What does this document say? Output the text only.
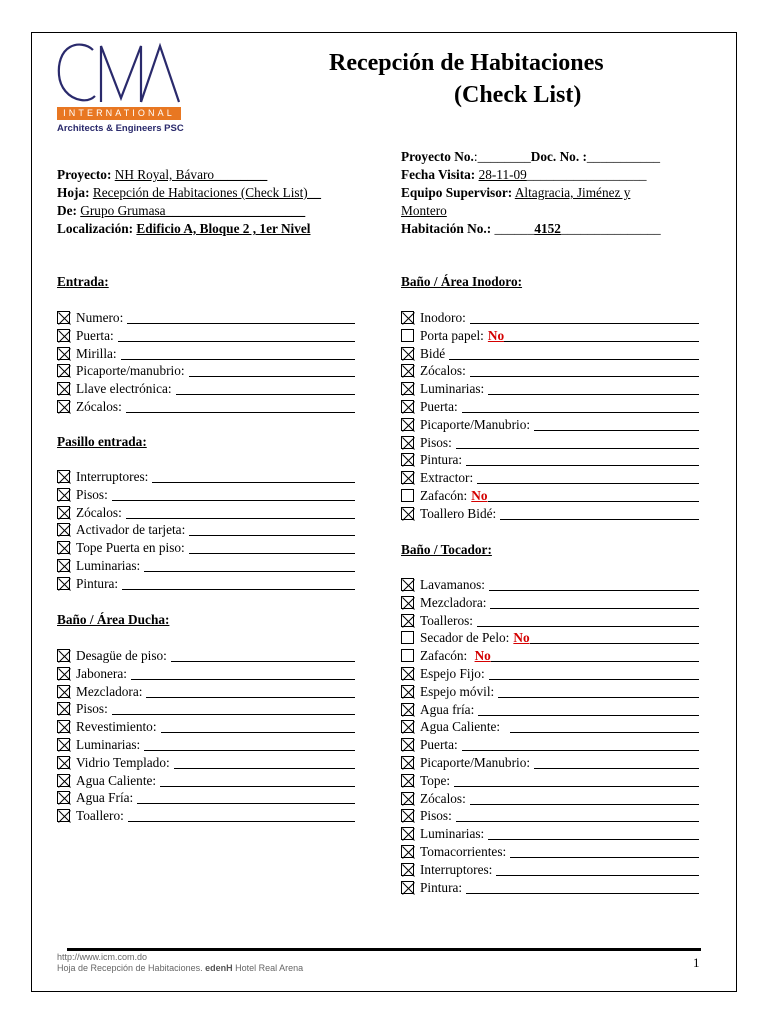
INTERNATIONAL
Architects & Engineers PSC
Recepción de Habitaciones
(Check List)
Proyecto: NH Royal, Bávaro________
Hoja: Recepción de Habitaciones (Check List)__
De: Grupo Grumasa_____________________
Localización: Edificio A, Bloque 2 , 1er Nivel
Proyecto No.:________Doc. No. :___________
Fecha Visita: 28-11-09__________________
Equipo Supervisor: Altagracia, Jiménez y
Montero
Habitación No.: ______4152_______________
Entrada:
Numero:
Puerta:
Mirilla:
Picaporte/manubrio:
Llave electrónica:
Zócalos:
Pasillo entrada:
Interruptores:
Pisos:
Zócalos:
Activador de tarjeta:
Tope Puerta en piso:
Luminarias:
Pintura:
Baño / Área Ducha:
Desagüe de piso:
Jabonera:
Mezcladora:
Pisos:
Revestimiento:
Luminarias:
Vidrio Templado:
Agua Caliente:
Agua Fría:
Toallero:
Baño / Área Inodoro:
Inodoro:
Porta papel: No
Bidé
Zócalos:
Luminarias:
Puerta:
Picaporte/Manubrio:
Pisos:
Pintura:
Extractor:
Zafacón: No
Toallero Bidé:
Baño / Tocador:
Lavamanos:
Mezcladora:
Toalleros:
Secador de Pelo: No
Zafacón: No
Espejo Fijo:
Espejo móvil:
Agua fría:
Agua Caliente:
Puerta:
Picaporte/Manubrio:
Tope:
Zócalos:
Pisos:
Luminarias:
Tomacorrientes:
Interruptores:
Pintura:
http://www.icm.com.do
Hoja de Recepción de Habitaciones. edenH Hotel Real Arena	1
